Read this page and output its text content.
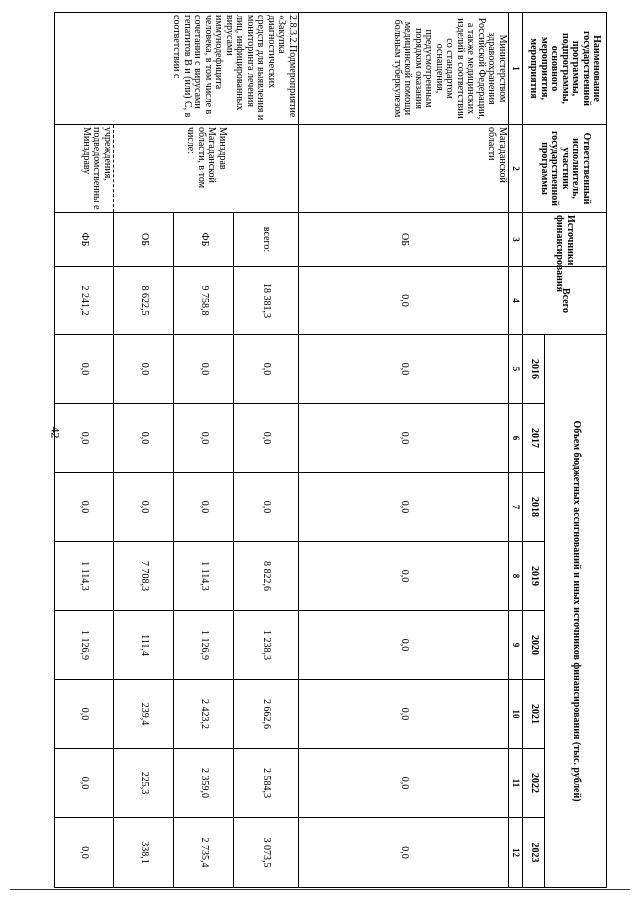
42
Наименование государственной программы, подпрограммы, основного мероприятия, мероприятия	Ответственный исполнитель, участник государственной программы	Источники финансирования	Всего	Объем бюджетных ассигнований и иных источников финансирования (тыс. рублей)							
				2016	2017	2018	2019	2020	2021	2022	2023
1	2	3	4	5	6	7	8	9	10	11	12
Министерством здравоохранения Российской Федерации, а также медицинских изделий в соответствии со стандартом оснащения, предусмотренным порядком оказания медицинской помощи больным туберкулезом	Магаданской области	ОБ	0,0	0,0	0,0	0,0	0,0	0,0	0,0	0,0	0,0
2.8.3.2.Подмероприятие «Закупка диагностических средств для выявления и мониторинга лечения лиц, инфицированных вирусами иммунодефицита человека, в том числе в сочетании с вирусами гепатитов В и (или) С, в соответствии с	Минздрав Магаданской области, в том числе:	всего:	18 381,3	0,0	0,0	0,0	8 822,6	1 238,3	2 662,6	2 584,3	3 073,5
		ФБ	9 758,8	0,0	0,0	0,0	1 114,3	1 126,9	2 423,2	2 359,0	2 735,4
		ОБ	8 622,5	0,0	0,0	0,0	7 708,3	111,4	239,4	225,3	338,1
	учреждения, подведомственны е Минздраву	ФБ	2 241,2	0,0	0,0	0,0	1 114,3	1 126,9	0,0	0,0	0,0
